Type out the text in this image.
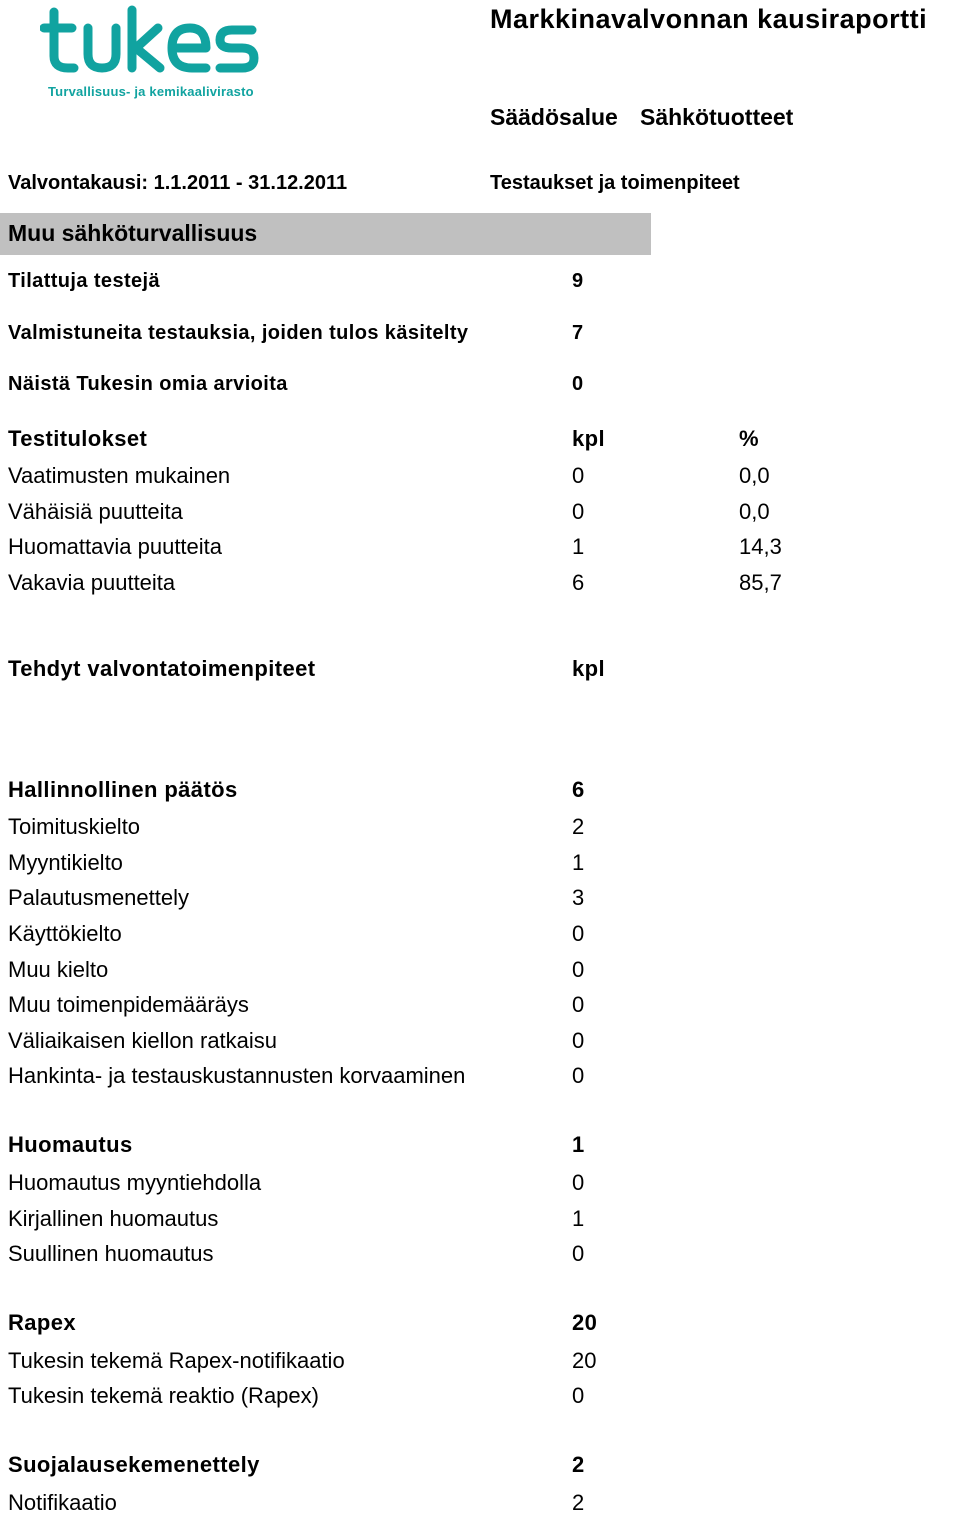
Turvallisuus- ja kemikaalivirasto
Markkinavalvonnan kausiraportti
Säädösalue Sähkötuotteet
Valvontakausi: 1.1.2011 - 31.12.2011	Testaukset ja toimenpiteet
Muu sähköturvallisuus
Tilattuja testejä	9
Valmistuneita testauksia, joiden tulos käsitelty	7
Näistä Tukesin omia arvioita	0
Testitulokset	kpl	%
Vaatimusten mukainen	0	0,0
Vähäisiä puutteita	0	0,0
Huomattavia puutteita	1	14,3
Vakavia puutteita	6	85,7
Tehdyt valvontatoimenpiteet	kpl
Hallinnollinen päätös	6
Toimituskielto	2
Myyntikielto	1
Palautusmenettely	3
Käyttökielto	0
Muu kielto	0
Muu toimenpidemääräys	0
Väliaikaisen kiellon ratkaisu	0
Hankinta- ja testauskustannusten korvaaminen	0
Huomautus	1
Huomautus myyntiehdolla	0
Kirjallinen huomautus	1
Suullinen huomautus	0
Rapex	20
Tukesin tekemä Rapex-notifikaatio	20
Tukesin tekemä reaktio (Rapex)	0
Suojalausekemenettely	2
Notifikaatio	2
